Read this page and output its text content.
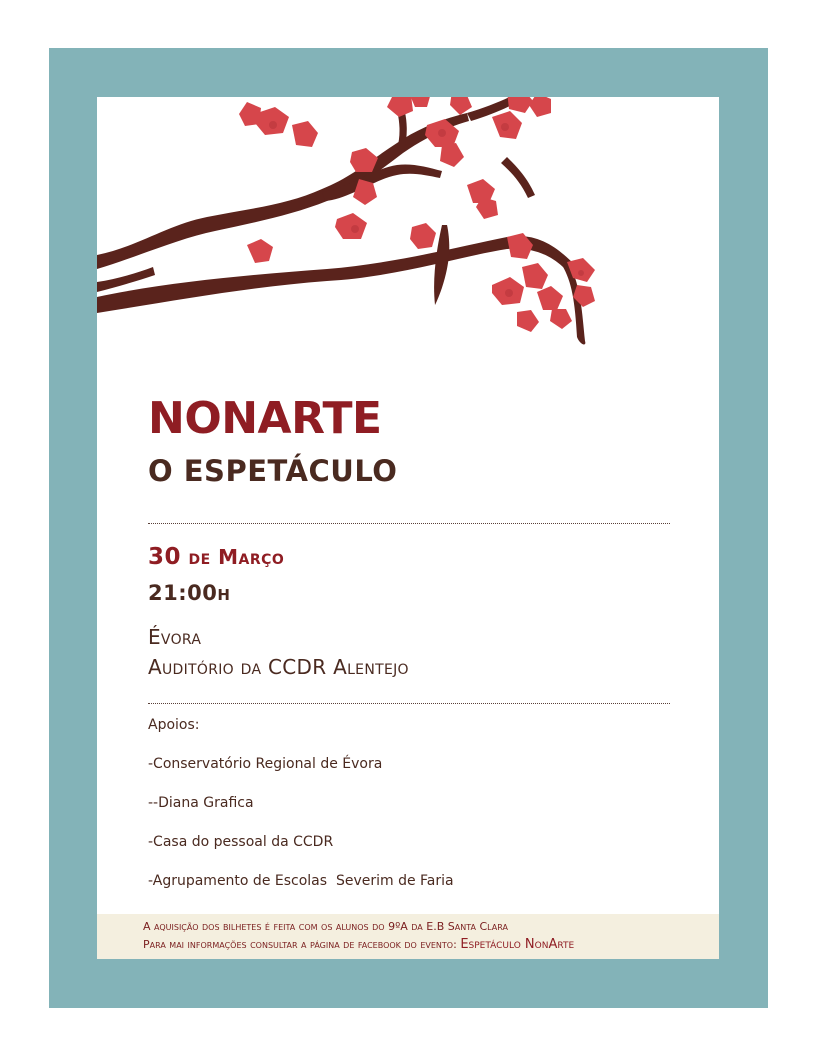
NONARTE
O ESPETÁCULO
30 de Março
21:00h
Évora
Auditório da CCDR Alentejo
Apoios:
-Conservatório Regional de Évora
--Diana Grafica
-Casa do pessoal da CCDR
-Agrupamento de Escolas  Severim de Faria
A aquisição dos bilhetes é feita com os alunos do 9ºA da E.B Santa Clara
Para mai informações consultar a página de facebook do evento: Espetáculo NonArte
